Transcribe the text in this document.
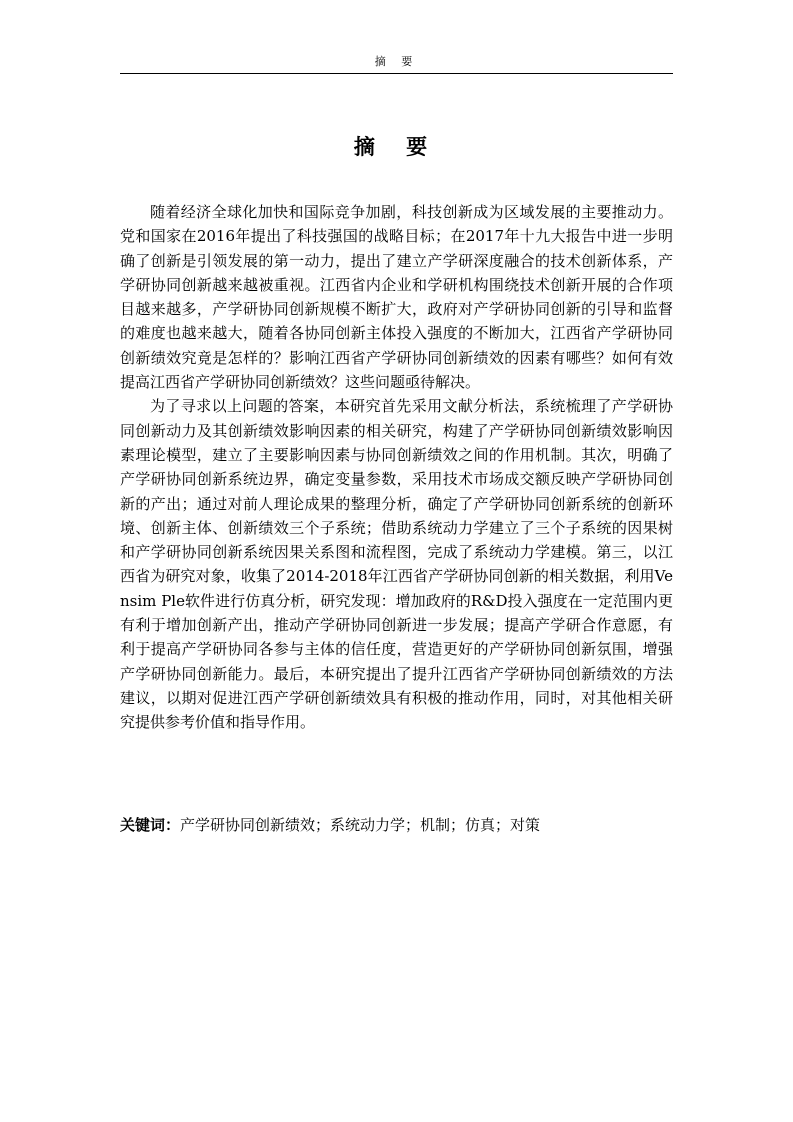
摘 要
摘 要

随着经济全球化加快和国际竞争加剧，科技创新成为区域发展的主要推动力。党和国家在2016年提出了科技强国的战略目标；在2017年十九大报告中进一步明确了创新是引领发展的第一动力，提出了建立产学研深度融合的技术创新体系，产学研协同创新越来越被重视。江西省内企业和学研机构围绕技术创新开展的合作项目越来越多，产学研协同创新规模不断扩大，政府对产学研协同创新的引导和监督的难度也越来越大，随着各协同创新主体投入强度的不断加大，江西省产学研协同创新绩效究竟是怎样的？影响江西省产学研协同创新绩效的因素有哪些？如何有效提高江西省产学研协同创新绩效？这些问题亟待解决。

为了寻求以上问题的答案，本研究首先采用文献分析法，系统梳理了产学研协同创新动力及其创新绩效影响因素的相关研究，构建了产学研协同创新绩效影响因素理论模型，建立了主要影响因素与协同创新绩效之间的作用机制。其次，明确了产学研协同创新系统边界，确定变量参数，采用技术市场成交额反映产学研协同创新的产出；通过对前人理论成果的整理分析，确定了产学研协同创新系统的创新环境、创新主体、创新绩效三个子系统；借助系统动力学建立了三个子系统的因果树和产学研协同创新系统因果关系图和流程图，完成了系统动力学建模。第三，以江西省为研究对象，收集了2014-2018年江西省产学研协同创新的相关数据，利用Vensim Ple软件进行仿真分析，研究发现：增加政府的R&D投入强度在一定范围内更有利于增加创新产出，推动产学研协同创新进一步发展；提高产学研合作意愿，有利于提高产学研协同各参与主体的信任度，营造更好的产学研协同创新氛围，增强产学研协同创新能力。最后，本研究提出了提升江西省产学研协同创新绩效的方法建议，以期对促进江西产学研创新绩效具有积极的推动作用，同时，对其他相关研究提供参考价值和指导作用。

关键词：产学研协同创新绩效；系统动力学；机制；仿真；对策
